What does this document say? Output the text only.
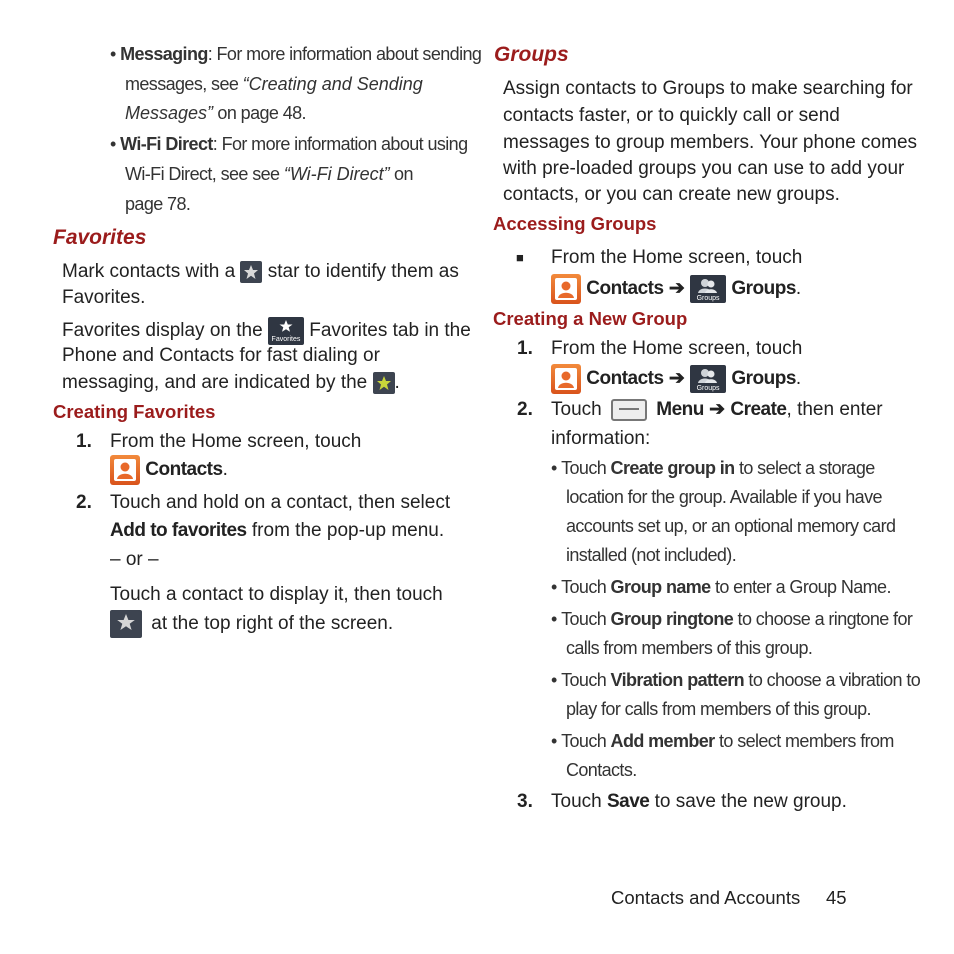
• Messaging: For more information about sending
messages, see “Creating and Sending
Messages” on page 48.
• Wi-Fi Direct: For more information about using
Wi-Fi Direct, see see “Wi-Fi Direct” on
page 78.
Favorites
Mark contacts with a star to identify them as
Favorites.
Favorites display on the	Favorites Favorites tab in the
Phone and Contacts for fast dialing or
messaging, and are indicated by the .
Creating Favorites
1. From the Home screen, touch
Contacts.
2. Touch and hold on a contact, then select
Add to favorites from the pop-up menu.
– or –
Touch a contact to display it, then touch
at the top right of the screen.
Groups
Assign contacts to Groups to make searching for
contacts faster, or to quickly call or send
messages to group members. Your phone comes
with pre-loaded groups you can use to add your
contacts, or you can create new groups.
Accessing Groups
■ From the Home screen, touch
Contacts ➔	Groups Groups.
Creating a New Group
1. From the Home screen, touch
Contacts ➔	Groups Groups.
2. Touch	Menu ➔ Create, then enter
information:
• Touch Create group in to select a storage
location for the group. Available if you have
accounts set up, or an optional memory card
installed (not included).
• Touch Group name to enter a Group Name.
• Touch Group ringtone to choose a ringtone for
calls from members of this group.
• Touch Vibration pattern to choose a vibration to
play for calls from members of this group.
• Touch Add member to select members from
Contacts.
3. Touch Save to save the new group.
Contacts and Accounts 45
